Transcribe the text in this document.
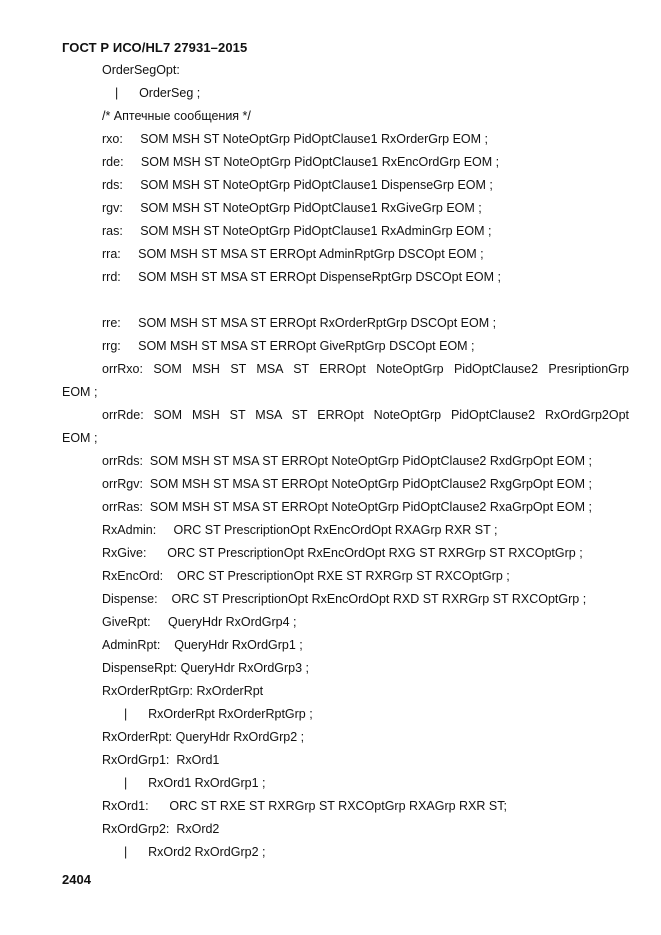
ГОСТ Р ИСО/HL7 27931–2015
OrderSegOpt:
|      OrderSeg ;
/* Аптечные сообщения */
rxo:     SOM MSH ST NoteOptGrp PidOptClause1 RxOrderGrp EOM ;
rde:     SOM MSH ST NoteOptGrp PidOptClause1 RxEncOrdGrp EOM ;
rds:     SOM MSH ST NoteOptGrp PidOptClause1 DispenseGrp EOM ;
rgv:     SOM MSH ST NoteOptGrp PidOptClause1 RxGiveGrp EOM ;
ras:     SOM MSH ST NoteOptGrp PidOptClause1 RxAdminGrp EOM ;
rra:     SOM MSH ST MSA ST ERROpt AdminRptGrp DSCOpt EOM ;
rrd:     SOM MSH ST MSA ST ERROpt DispenseRptGrp DSCOpt EOM ;
rre:     SOM MSH ST MSA ST ERROpt RxOrderRptGrp DSCOpt EOM ;
rrg:     SOM MSH ST MSA ST ERROpt GiveRptGrp DSCOpt EOM ;
orrRxo: SOM MSH ST MSA ST ERROpt NoteOptGrp PidOptClause2 PresriptionGrp
EOM ;
orrRde: SOM MSH ST MSA ST ERROpt NoteOptGrp PidOptClause2 RxOrdGrp2Opt
EOM ;
orrRds:  SOM MSH ST MSA ST ERROpt NoteOptGrp PidOptClause2 RxdGrpOpt EOM ;
orrRgv:  SOM MSH ST MSA ST ERROpt NoteOptGrp PidOptClause2 RxgGrpOpt EOM ;
orrRas:  SOM MSH ST MSA ST ERROpt NoteOptGrp PidOptClause2 RxaGrpOpt EOM ;
RxAdmin:     ORC ST PrescriptionOpt RxEncOrdOpt RXAGrp RXR ST ;
RxGive:      ORC ST PrescriptionOpt RxEncOrdOpt RXG ST RXRGrp ST RXCOptGrp ;
RxEncOrd:    ORC ST PrescriptionOpt RXE ST RXRGrp ST RXCOptGrp ;
Dispense:    ORC ST PrescriptionOpt RxEncOrdOpt RXD ST RXRGrp ST RXCOptGrp ;
GiveRpt:     QueryHdr RxOrdGrp4 ;
AdminRpt:    QueryHdr RxOrdGrp1 ;
DispenseRpt: QueryHdr RxOrdGrp3 ;
RxOrderRptGrp: RxOrderRpt
|      RxOrderRpt RxOrderRptGrp ;
RxOrderRpt: QueryHdr RxOrdGrp2 ;
RxOrdGrp1:  RxOrd1
|      RxOrd1 RxOrdGrp1 ;
RxOrd1:      ORC ST RXE ST RXRGrp ST RXCOptGrp RXAGrp RXR ST;
RxOrdGrp2:  RxOrd2
|      RxOrd2 RxOrdGrp2 ;
2404
